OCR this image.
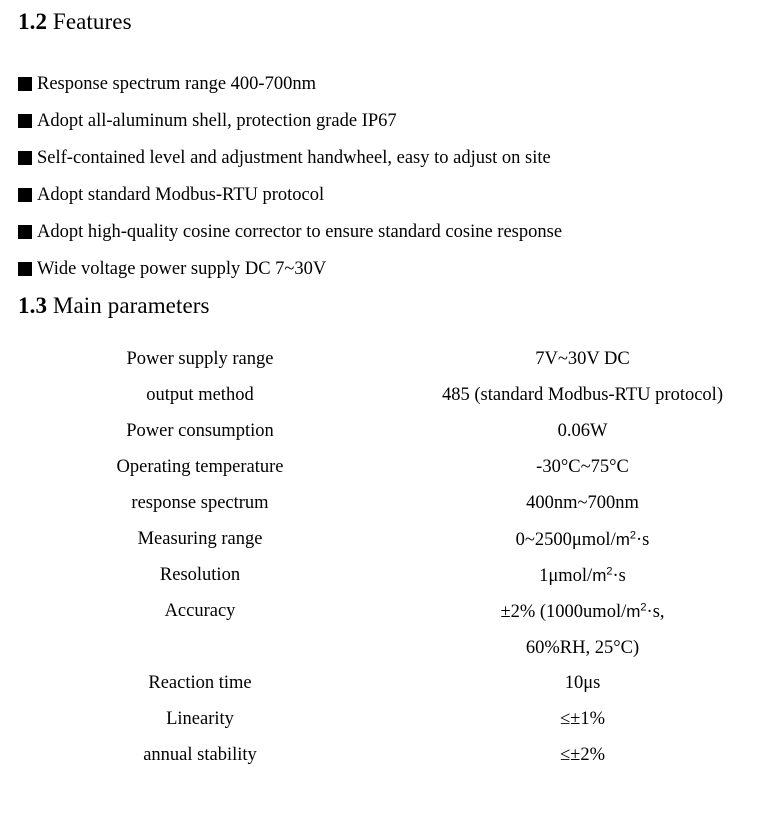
1.2 Features
Response spectrum range 400-700nm
Adopt all-aluminum shell, protection grade IP67
Self-contained level and adjustment handwheel, easy to adjust on site
Adopt standard Modbus-RTU protocol
Adopt high-quality cosine corrector to ensure standard cosine response
Wide voltage power supply DC 7~30V
1.3 Main parameters
Power supply range	7V~30V DC

output method	485 (standard Modbus-RTU protocol)

Power consumption	0.06W

Operating temperature	-30°C~75°C

response spectrum	400nm~700nm

Measuring range	$0\sim 2500\mu mol/m^2\cdot s$

Resolution	$1\mu mol/m^2\cdot s$

Accuracy	±2% ($1000umol/m^2\cdot s$,
60%RH, 25°C)

Reaction time	10μs

Linearity	≤±1%

annual stability	≤±2%
